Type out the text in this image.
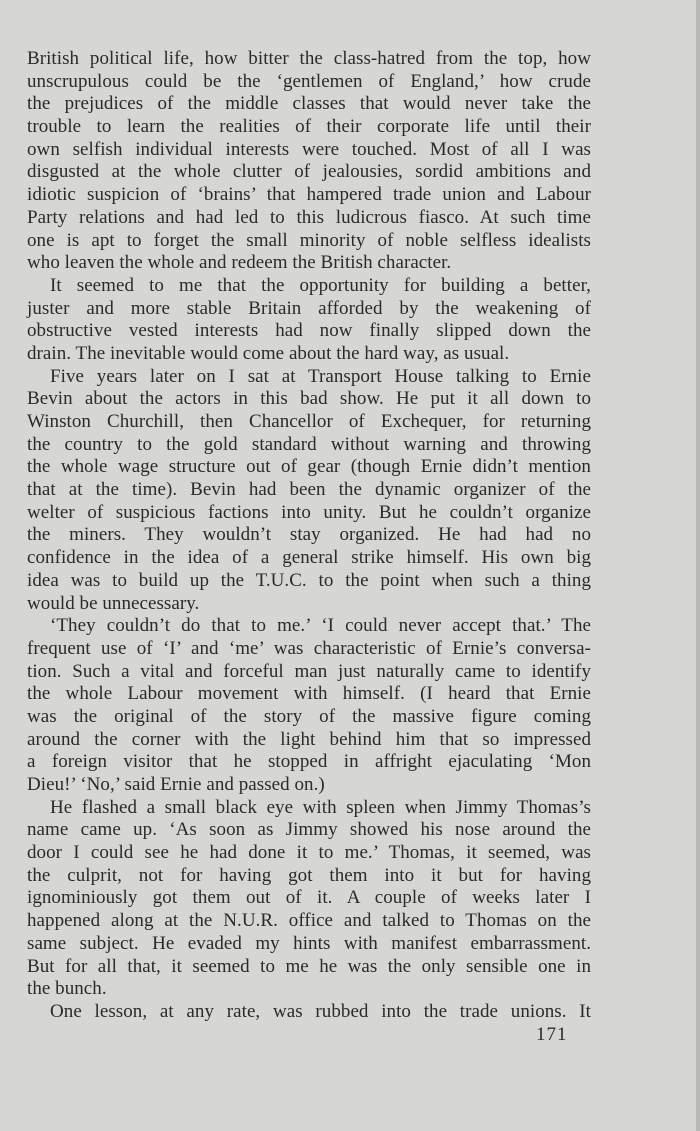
British political life, how bitter the class-hatred from the top, how
unscrupulous could be the ‘gentlemen of England,’ how crude
the prejudices of the middle classes that would never take the
trouble to learn the realities of their corporate life until their
own selfish individual interests were touched. Most of all I was
disgusted at the whole clutter of jealousies, sordid ambitions and
idiotic suspicion of ‘brains’ that hampered trade union and Labour
Party relations and had led to this ludicrous fiasco. At such time
one is apt to forget the small minority of noble selfless idealists
who leaven the whole and redeem the British character.
It seemed to me that the opportunity for building a better,
juster and more stable Britain afforded by the weakening of
obstructive vested interests had now finally slipped down the
drain. The inevitable would come about the hard way, as usual.
Five years later on I sat at Transport House talking to Ernie
Bevin about the actors in this bad show. He put it all down to
Winston Churchill, then Chancellor of Exchequer, for returning
the country to the gold standard without warning and throwing
the whole wage structure out of gear (though Ernie didn’t mention
that at the time). Bevin had been the dynamic organizer of the
welter of suspicious factions into unity. But he couldn’t organize
the miners. They wouldn’t stay organized. He had had no
confidence in the idea of a general strike himself. His own big
idea was to build up the T.U.C. to the point when such a thing
would be unnecessary.
‘They couldn’t do that to me.’ ‘I could never accept that.’ The
frequent use of ‘I’ and ‘me’ was characteristic of Ernie’s conversa-
tion. Such a vital and forceful man just naturally came to identify
the whole Labour movement with himself. (I heard that Ernie
was the original of the story of the massive figure coming
around the corner with the light behind him that so impressed
a foreign visitor that he stopped in affright ejaculating ‘Mon
Dieu!’ ‘No,’ said Ernie and passed on.)
He flashed a small black eye with spleen when Jimmy Thomas’s
name came up. ‘As soon as Jimmy showed his nose around the
door I could see he had done it to me.’ Thomas, it seemed, was
the culprit, not for having got them into it but for having
ignominiously got them out of it. A couple of weeks later I
happened along at the N.U.R. office and talked to Thomas on the
same subject. He evaded my hints with manifest embarrassment.
But for all that, it seemed to me he was the only sensible one in
the bunch.
One lesson, at any rate, was rubbed into the trade unions. It
171
